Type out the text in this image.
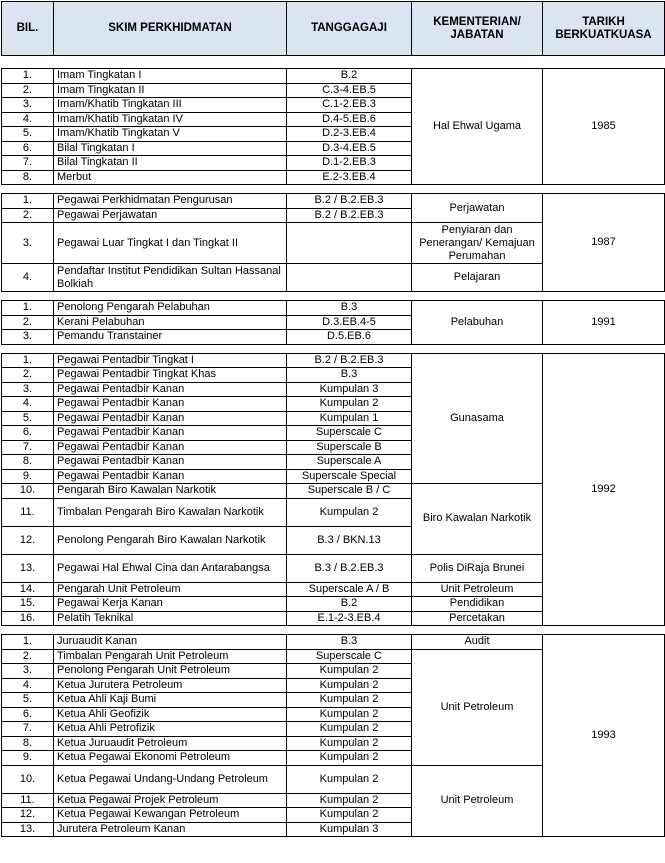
BIL.	SKIM PERKHIDMATAN	TANGGAGAJI	KEMENTERIAN/ JABATAN	TARIKH BERKUATKUASA

1.	Imam Tingkatan I	B.2	Hal Ehwal Ugama	1985
2.	Imam Tingkatan II	C.3-4.EB.5		
3.	Imam/Khatib Tingkatan III	C.1-2.EB.3		
4.	Imam/Khatib Tingkatan IV	D.4-5.EB.6		
5.	Imam/Khatib Tingkatan V	D.2-3.EB.4		
6.	Bilal Tingkatan I	D.3-4.EB.5		
7.	Bilal Tingkatan II	D.1-2.EB.3		
8.	Merbut	E.2-3.EB.4		

1.	Pegawai Perkhidmatan Pengurusan	B.2 / B.2.EB.3	Perjawatan	1987
2.	Pegawai Perjawatan	B.2 / B.2.EB.3		
3.	Pegawai Luar Tingkat I dan Tingkat II		Penyiaran dan Penerangan/ Kemajuan Perumahan	
4.	Pendaftar Institut Pendidikan Sultan Hassanal Bolkiah		Pelajaran	

1.	Penolong Pengarah Pelabuhan	B.3	Pelabuhan	1991
2.	Kerani Pelabuhan	D.3.EB.4-5		
3.	Pemandu Transtainer	D.5.EB.6		

1.	Pegawai Pentadbir Tingkat I	B.2 / B.2.EB.3	Gunasama	1992
2.	Pegawai Pentadbir Tingkat Khas	B.3		
3.	Pegawai Pentadbir Kanan	Kumpulan 3		
4.	Pegawai Pentadbir Kanan	Kumpulan 2		
5.	Pegawai Pentadbir Kanan	Kumpulan 1		
6.	Pegawai Pentadbir Kanan	Superscale C		
7.	Pegawai Pentadbir Kanan	Superscale B		
8.	Pegawai Pentadbir Kanan	Superscale A		
9.	Pegawai Pentadbir Kanan	Superscale Special		
10.	Pengarah Biro Kawalan Narkotik	Superscale B / C	Biro Kawalan Narkotik	
11.	Timbalan Pengarah Biro Kawalan Narkotik	Kumpulan 2		
12.	Penolong Pengarah Biro Kawalan Narkotik	B.3 / BKN.13		
13.	Pegawai Hal Ehwal Cina dan Antarabangsa	B.3 / B.2.EB.3	Polis DiRaja Brunei	
14.	Pengarah Unit Petroleum	Superscale A / B	Unit Petroleum	
15.	Pegawai Kerja Kanan	B.2	Pendidikan	
16.	Pelatih Teknikal	E.1-2-3.EB.4	Percetakan	

1.	Juruaudit Kanan	B.3	Audit	1993
2.	Timbalan Pengarah Unit Petroleum	Superscale C	Unit Petroleum	
3.	Penolong Pengarah Unit Petroleum	Kumpulan 2		
4.	Ketua Jurutera Petroleum	Kumpulan 2		
5.	Ketua Ahli Kaji Bumi	Kumpulan 2		
6.	Ketua Ahli Geofizik	Kumpulan 2		
7.	Ketua Ahli Petrofizik	Kumpulan 2		
8.	Ketua Juruaudit Petroleum	Kumpulan 2		
9.	Ketua Pegawai Ekonomi Petroleum	Kumpulan 2		
10.	Ketua Pegawai Undang-Undang Petroleum	Kumpulan 2	Unit Petroleum	
11.	Ketua Pegawai Projek Petroleum	Kumpulan 2		
12.	Ketua Pegawai Kewangan Petroleum	Kumpulan 2		
13.	Jurutera Petroleum Kanan	Kumpulan 3		
